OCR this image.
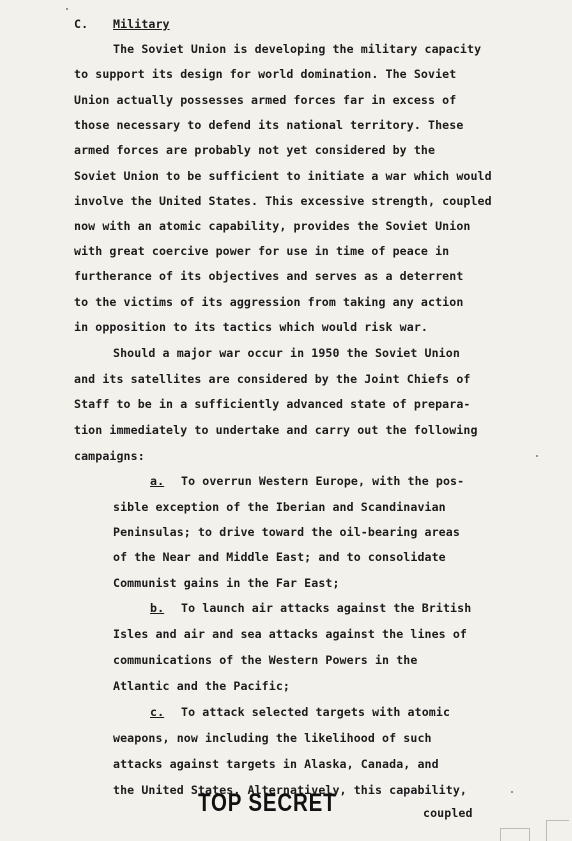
C. Military
The Soviet Union is developing the military capacity
to support its design for world domination. The Soviet
Union actually possesses armed forces far in excess of
those necessary to defend its national territory. These
armed forces are probably not yet considered by the
Soviet Union to be sufficient to initiate a war which would
involve the United States. This excessive strength, coupled
now with an atomic capability, provides the Soviet Union
with great coercive power for use in time of peace in
furtherance of its objectives and serves as a deterrent
to the victims of its aggression from taking any action
in opposition to its tactics which would risk war.
Should a major war occur in 1950 the Soviet Union
and its satellites are considered by the Joint Chiefs of
Staff to be in a sufficiently advanced state of prepara-
tion immediately to undertake and carry out the following
campaigns:
a. To overrun Western Europe, with the pos-
sible exception of the Iberian and Scandinavian
Peninsulas; to drive toward the oil-bearing areas
of the Near and Middle East; and to consolidate
Communist gains in the Far East;
b. To launch air attacks against the British
Isles and air and sea attacks against the lines of
communications of the Western Powers in the
Atlantic and the Pacific;
c. To attack selected targets with atomic
weapons, now including the likelihood of such
attacks against targets in Alaska, Canada, and
the United States. Alternatively, this capability,
coupled
TOP SECRET
